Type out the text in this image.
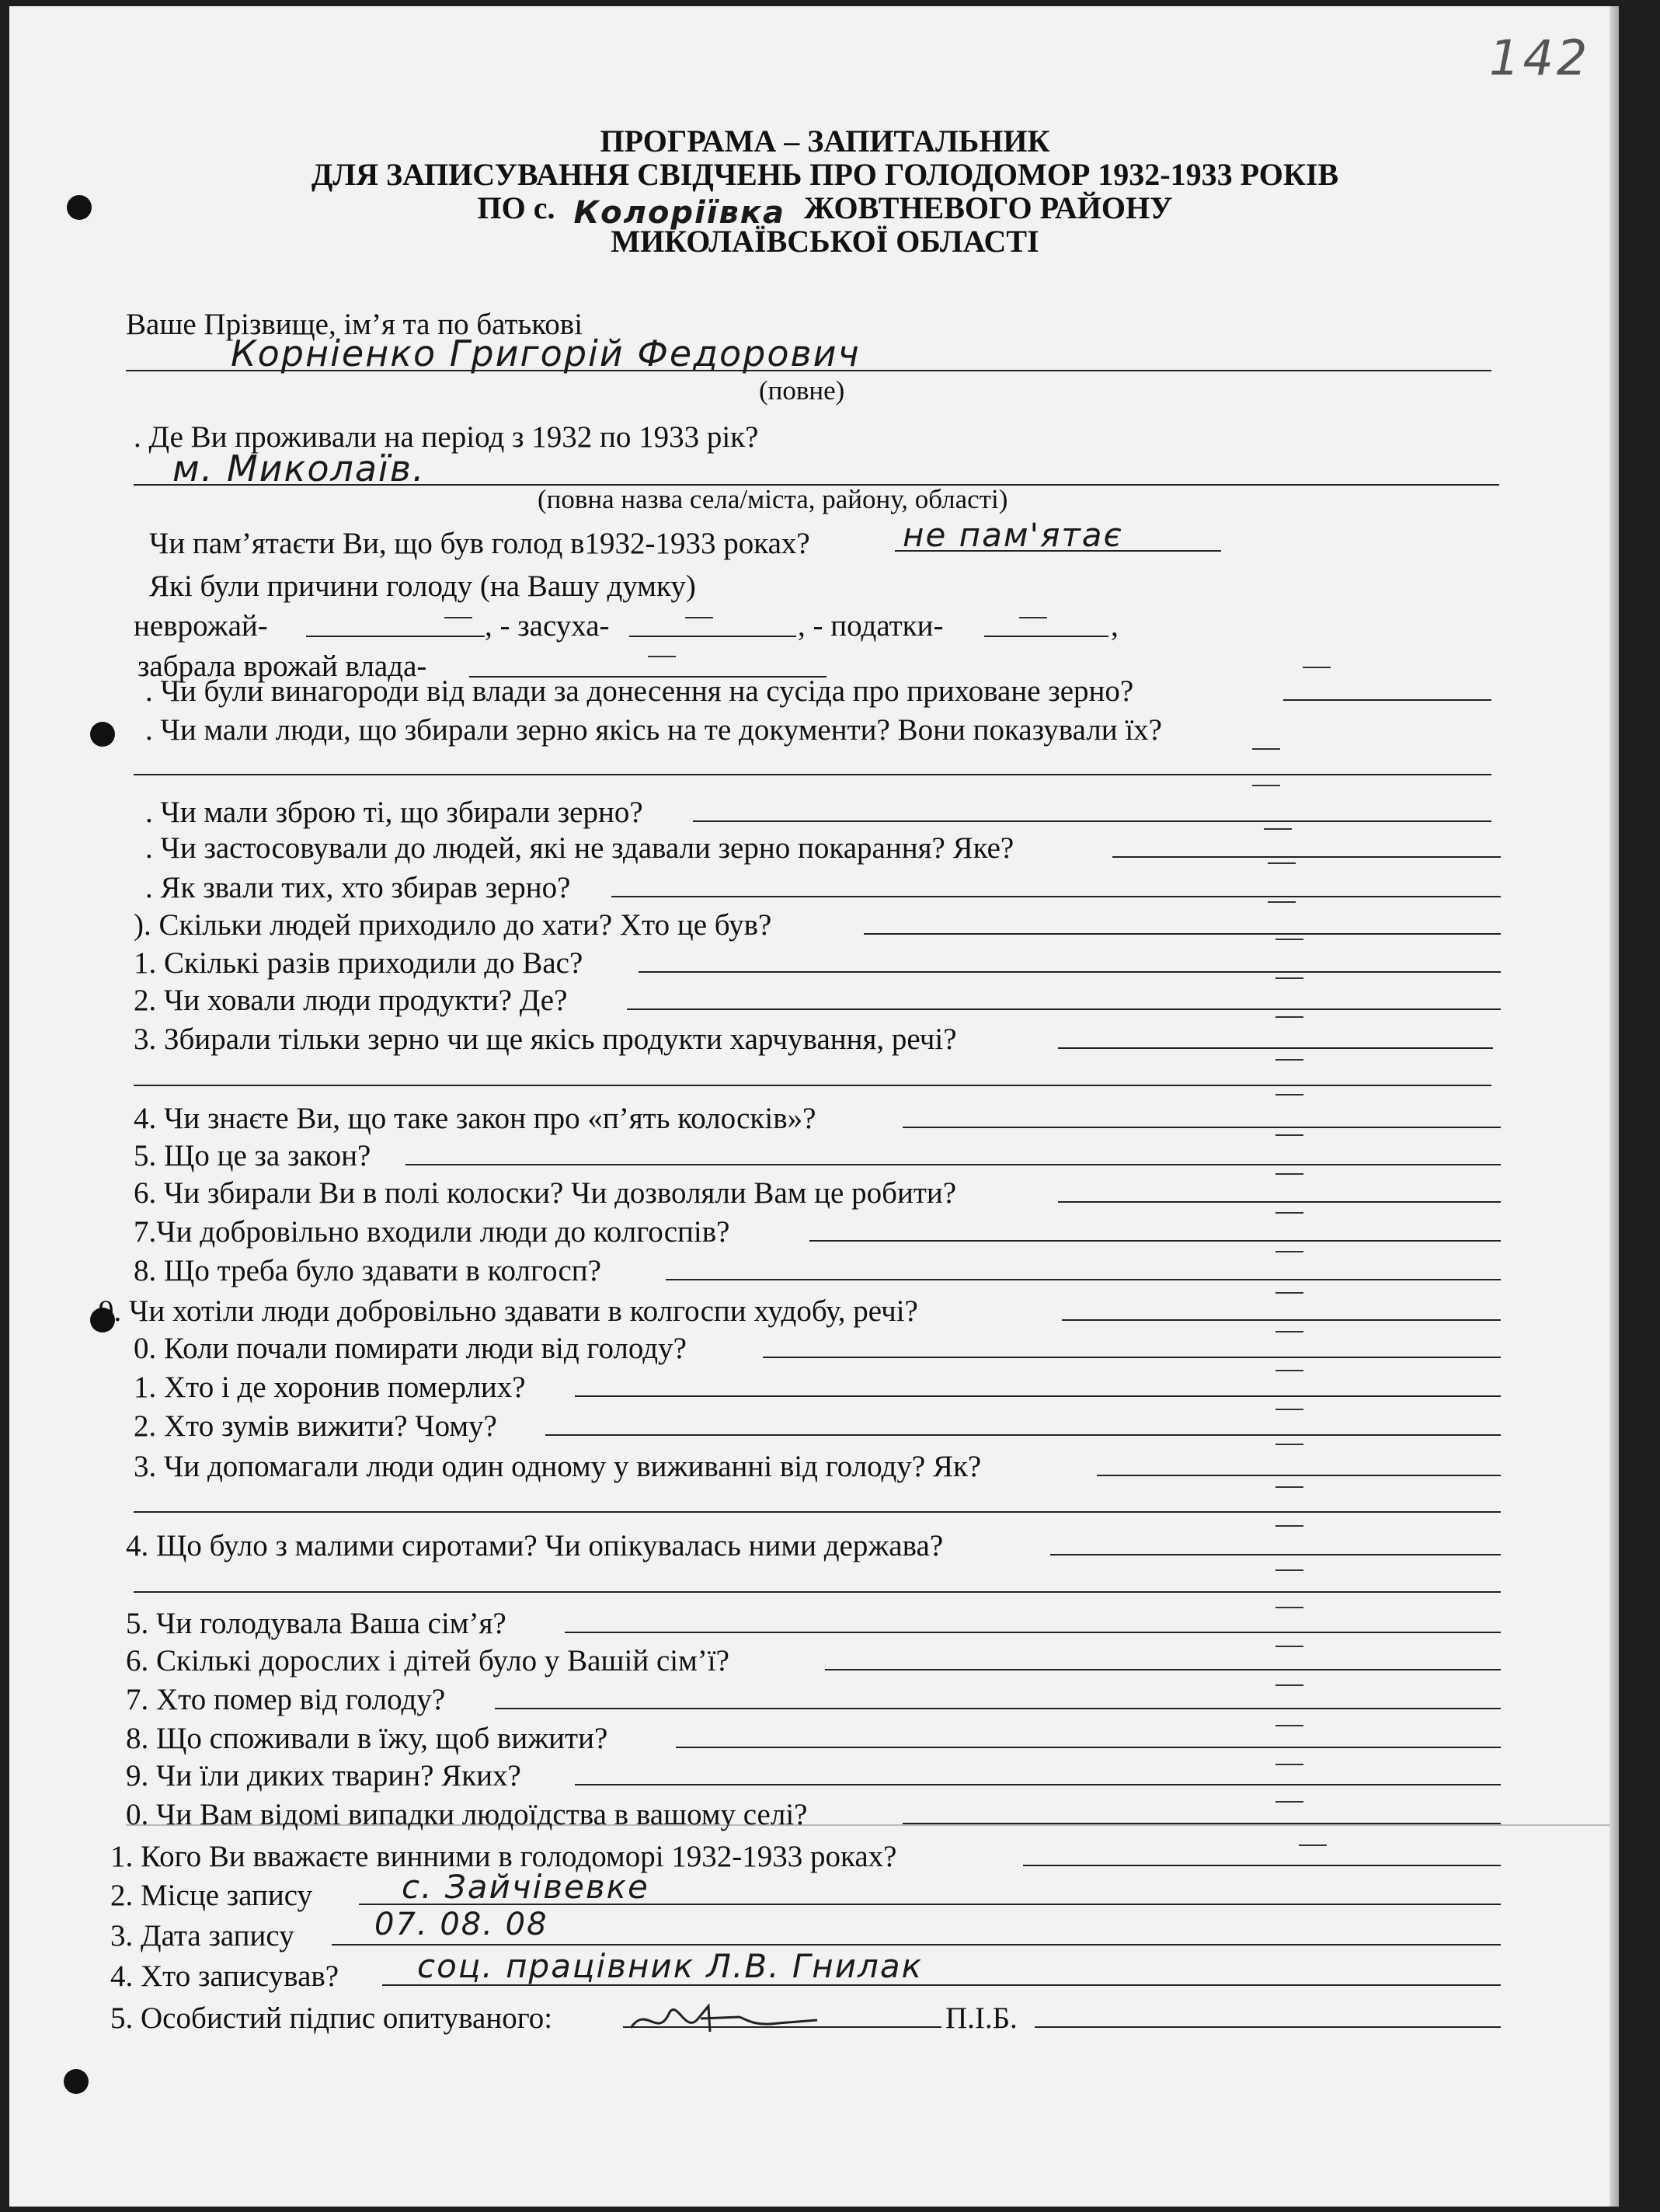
142
ПРОГРАМА – ЗАПИТАЛЬНИК
ДЛЯ ЗАПИСУВАННЯ СВІДЧЕНЬ ПРО ГОЛОДОМОР 1932-1933 РОКІВ
ПО с. Колоріївка ЖОВТНЕВОГО РАЙОНУ
МИКОЛАЇВСЬКОЇ ОБЛАСТІ
Ваше Прізвище, ім’я та по батькові
Корніенко Григорій Федорович
(повне)
. Де Ви проживали на період з 1932 по 1933 рік?
м. Миколаїв.
(повна назва села/міста, району, області)
Чи пам’ятаєти Ви, що був голод в1932-1933 роках?	не пам'ятає
Які були причини голоду (на Вашу думку)
неврожай-	, - засуха-	, - податки-	,
забрала врожай влада-
. Чи були винагороди від влади за донесення на сусіда про приховане зерно?
. Чи мали люди, що збирали зерно якісь на те документи? Вони показували їх?
. Чи мали зброю ті, що збирали зерно?
. Чи застосовували до людей, які не здавали зерно покарання? Яке?
. Як звали тих, хто збирав зерно?
). Скільки людей приходило до хати? Хто це був?
1. Скількі разів приходили до Вас?
2. Чи ховали люди продукти? Де?
3. Збирали тільки зерно чи ще якісь продукти харчування, речі?
4. Чи знаєте Ви, що таке закон про «п’ять колосків»?
5. Що це за закон?
6. Чи збирали Ви в полі колоски? Чи дозволяли Вам це робити?
7.Чи добровільно входили люди до колгоспів?
8. Що треба було здавати в колгосп?
9. Чи хотіли люди добровільно здавати в колгоспи худобу, речі?
0. Коли почали помирати люди від голоду?
1. Хто і де хоронив померлих?
2. Хто зумів вижити? Чому?
3. Чи допомагали люди один одному у виживанні від голоду? Як?
4. Що було з малими сиротами? Чи опікувалась ними держава?
5. Чи голодувала Ваша сім’я?
6. Скількі дорослих і дітей було у Вашій сім’ї?
7. Хто помер від голоду?
8. Що споживали в їжу, щоб вижити?
9. Чи їли диких тварин? Яких?
0. Чи Вам відомі випадки людоїдства в вашому селі?
1. Кого Ви вважаєте винними в голодоморі 1932-1933 роках?
2. Місце запису	с. Зайчівевке
3. Дата запису	07. 08. 08
4. Хто записував? соц. працівник Л.В. Гнилак
5. Особистий підпис опитуваного:	П.І.Б.
